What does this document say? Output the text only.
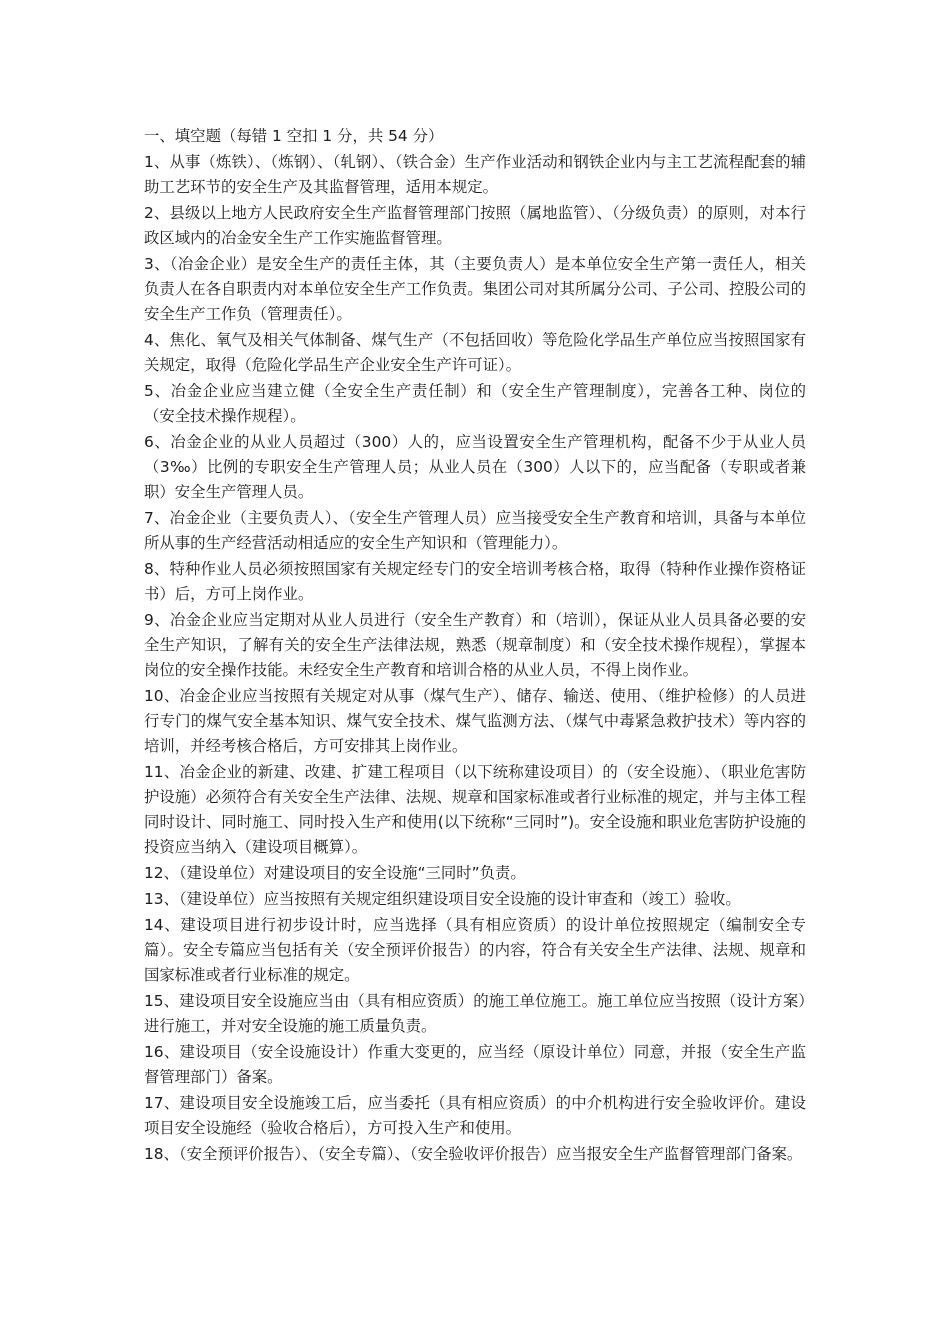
一、填空题（每错 1 空扣 1 分，共 54 分）
1、从事（炼铁）、（炼钢）、（轧钢）、（铁合金）生产作业活动和钢铁企业内与主工艺流程配套的辅助工艺环节的安全生产及其监督管理，适用本规定。
2、县级以上地方人民政府安全生产监督管理部门按照（属地监管）、（分级负责）的原则，对本行政区域内的冶金安全生产工作实施监督管理。
3、（冶金企业）是安全生产的责任主体，其（主要负责人）是本单位安全生产第一责任人，相关负责人在各自职责内对本单位安全生产工作负责。集团公司对其所属分公司、子公司、控股公司的安全生产工作负（管理责任）。
4、焦化、氧气及相关气体制备、煤气生产（不包括回收）等危险化学品生产单位应当按照国家有关规定，取得（危险化学品生产企业安全生产许可证）。
5、冶金企业应当建立健（全安全生产责任制）和（安全生产管理制度），完善各工种、岗位的（安全技术操作规程）。
6、冶金企业的从业人员超过（300）人的，应当设置安全生产管理机构，配备不少于从业人员（3‰）比例的专职安全生产管理人员；从业人员在（300）人以下的，应当配备（专职或者兼职）安全生产管理人员。
7、冶金企业（主要负责人）、（安全生产管理人员）应当接受安全生产教育和培训，具备与本单位所从事的生产经营活动相适应的安全生产知识和（管理能力）。
8、特种作业人员必须按照国家有关规定经专门的安全培训考核合格，取得（特种作业操作资格证书）后，方可上岗作业。
9、冶金企业应当定期对从业人员进行（安全生产教育）和（培训），保证从业人员具备必要的安全生产知识，了解有关的安全生产法律法规，熟悉（规章制度）和（安全技术操作规程），掌握本岗位的安全操作技能。未经安全生产教育和培训合格的从业人员，不得上岗作业。
10、冶金企业应当按照有关规定对从事（煤气生产）、储存、输送、使用、（维护检修）的人员进行专门的煤气安全基本知识、煤气安全技术、煤气监测方法、（煤气中毒紧急救护技术）等内容的培训，并经考核合格后，方可安排其上岗作业。
11、冶金企业的新建、改建、扩建工程项目（以下统称建设项目）的（安全设施）、（职业危害防护设施）必须符合有关安全生产法律、法规、规章和国家标准或者行业标准的规定，并与主体工程同时设计、同时施工、同时投入生产和使用(以下统称“三同时”)。安全设施和职业危害防护设施的投资应当纳入（建设项目概算）。
12、（建设单位）对建设项目的安全设施“三同时”负责。
13、（建设单位）应当按照有关规定组织建设项目安全设施的设计审查和（竣工）验收。
14、建设项目进行初步设计时，应当选择（具有相应资质）的设计单位按照规定（编制安全专篇）。安全专篇应当包括有关（安全预评价报告）的内容，符合有关安全生产法律、法规、规章和国家标准或者行业标准的规定。
15、建设项目安全设施应当由（具有相应资质）的施工单位施工。施工单位应当按照（设计方案）进行施工，并对安全设施的施工质量负责。
16、建设项目（安全设施设计）作重大变更的，应当经（原设计单位）同意，并报（安全生产监督管理部门）备案。
17、建设项目安全设施竣工后，应当委托（具有相应资质）的中介机构进行安全验收评价。建设项目安全设施经（验收合格后），方可投入生产和使用。
18、（安全预评价报告）、（安全专篇）、（安全验收评价报告）应当报安全生产监督管理部门备案。
